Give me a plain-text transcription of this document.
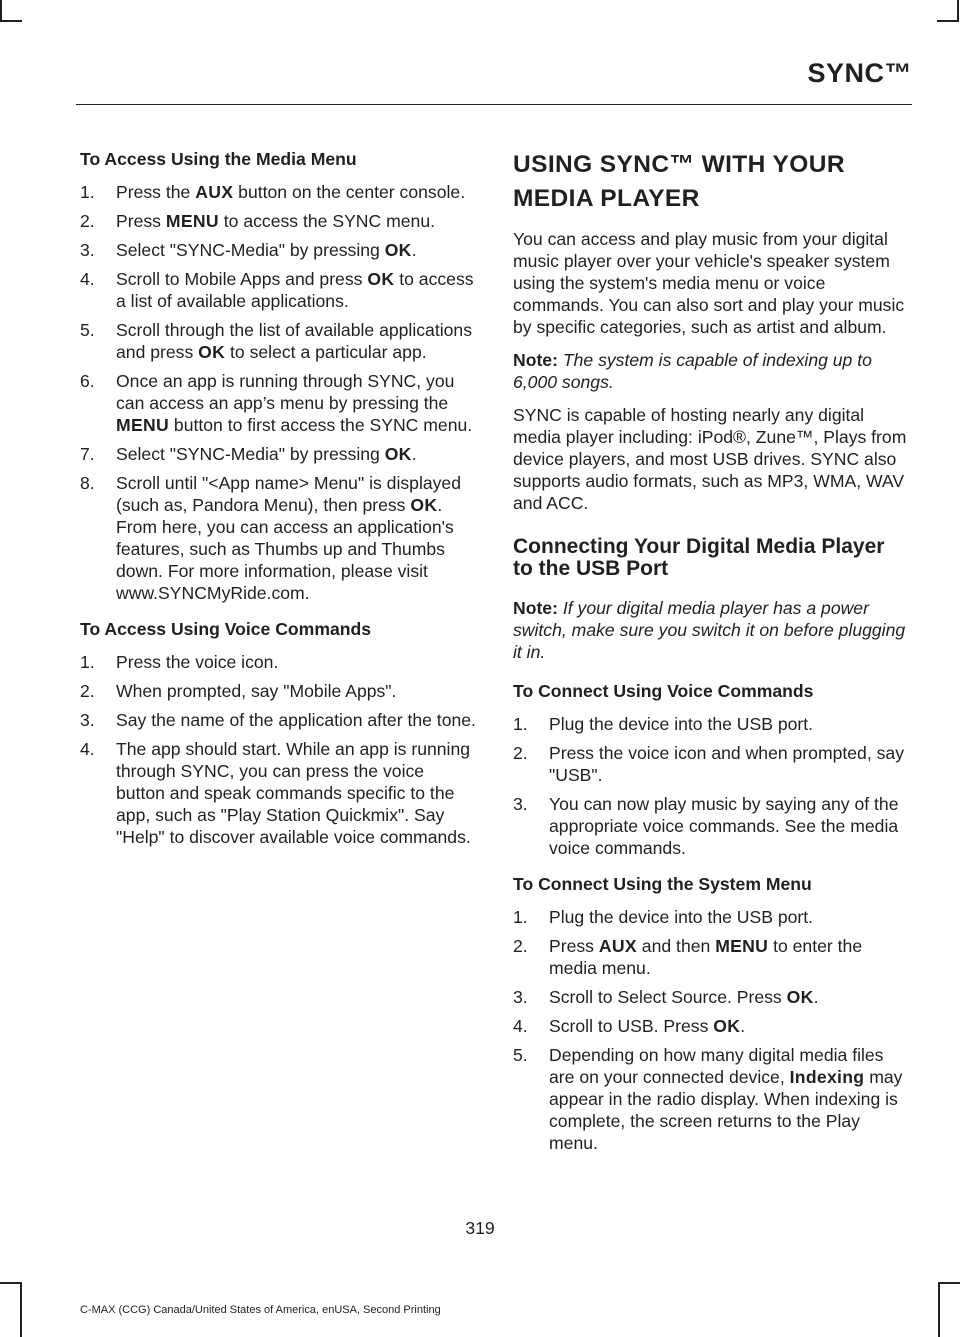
SYNC™

To Access Using the Media Menu

1. Press the AUX button on the center console.
2. Press MENU to access the SYNC menu.
3. Select "SYNC-Media" by pressing OK.
4. Scroll to Mobile Apps and press OK to access a list of available applications.
5. Scroll through the list of available applications and press OK to select a particular app.
6. Once an app is running through SYNC, you can access an app’s menu by pressing the MENU button to first access the SYNC menu.
7. Select "SYNC-Media" by pressing OK.
8. Scroll until "<App name> Menu" is displayed (such as, Pandora Menu), then press OK. From here, you can access an application's features, such as Thumbs up and Thumbs down. For more information, please visit www.SYNCMyRide.com.

To Access Using Voice Commands

1. Press the voice icon.
2. When prompted, say "Mobile Apps".
3. Say the name of the application after the tone.
4. The app should start. While an app is running through SYNC, you can press the voice button and speak commands specific to the app, such as "Play Station Quickmix". Say "Help" to discover available voice commands.

USING SYNC™ WITH YOUR
MEDIA PLAYER

You can access and play music from your digital music player over your vehicle's speaker system using the system's media menu or voice commands. You can also sort and play your music by specific categories, such as artist and album.

Note: The system is capable of indexing up to 6,000 songs.

SYNC is capable of hosting nearly any digital media player including: iPod®, Zune™, Plays from device players, and most USB drives. SYNC also supports audio formats, such as MP3, WMA, WAV and ACC.

Connecting Your Digital Media Player to the USB Port

Note: If your digital media player has a power switch, make sure you switch it on before plugging it in.

To Connect Using Voice Commands

1. Plug the device into the USB port.
2. Press the voice icon and when prompted, say "USB".
3. You can now play music by saying any of the appropriate voice commands. See the media voice commands.

To Connect Using the System Menu

1. Plug the device into the USB port.
2. Press AUX and then MENU to enter the media menu.
3. Scroll to Select Source. Press OK.
4. Scroll to USB. Press OK.
5. Depending on how many digital media files are on your connected device, Indexing may appear in the radio display. When indexing is complete, the screen returns to the Play menu.
319
C-MAX (CCG) Canada/United States of America, enUSA, Second Printing
